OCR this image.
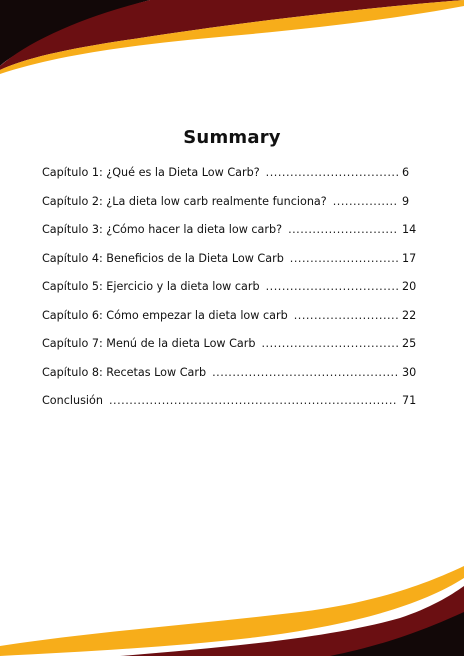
Summary
Capítulo 1: ¿Qué es la Dieta Low Carb? .....	6
Capítulo 2: ¿La dieta low carb realmente funciona? .....	9
Capítulo 3: ¿Cómo hacer la dieta low carb? .....	14
Capítulo 4: Beneficios de la Dieta Low Carb .....	17
Capítulo 5: Ejercicio y la dieta low carb .....	20
Capítulo 6: Cómo empezar la dieta low carb .....	22
Capítulo 7: Menú de la dieta Low Carb .....	25
Capítulo 8: Recetas Low Carb .....	30
Conclusión .....	71
